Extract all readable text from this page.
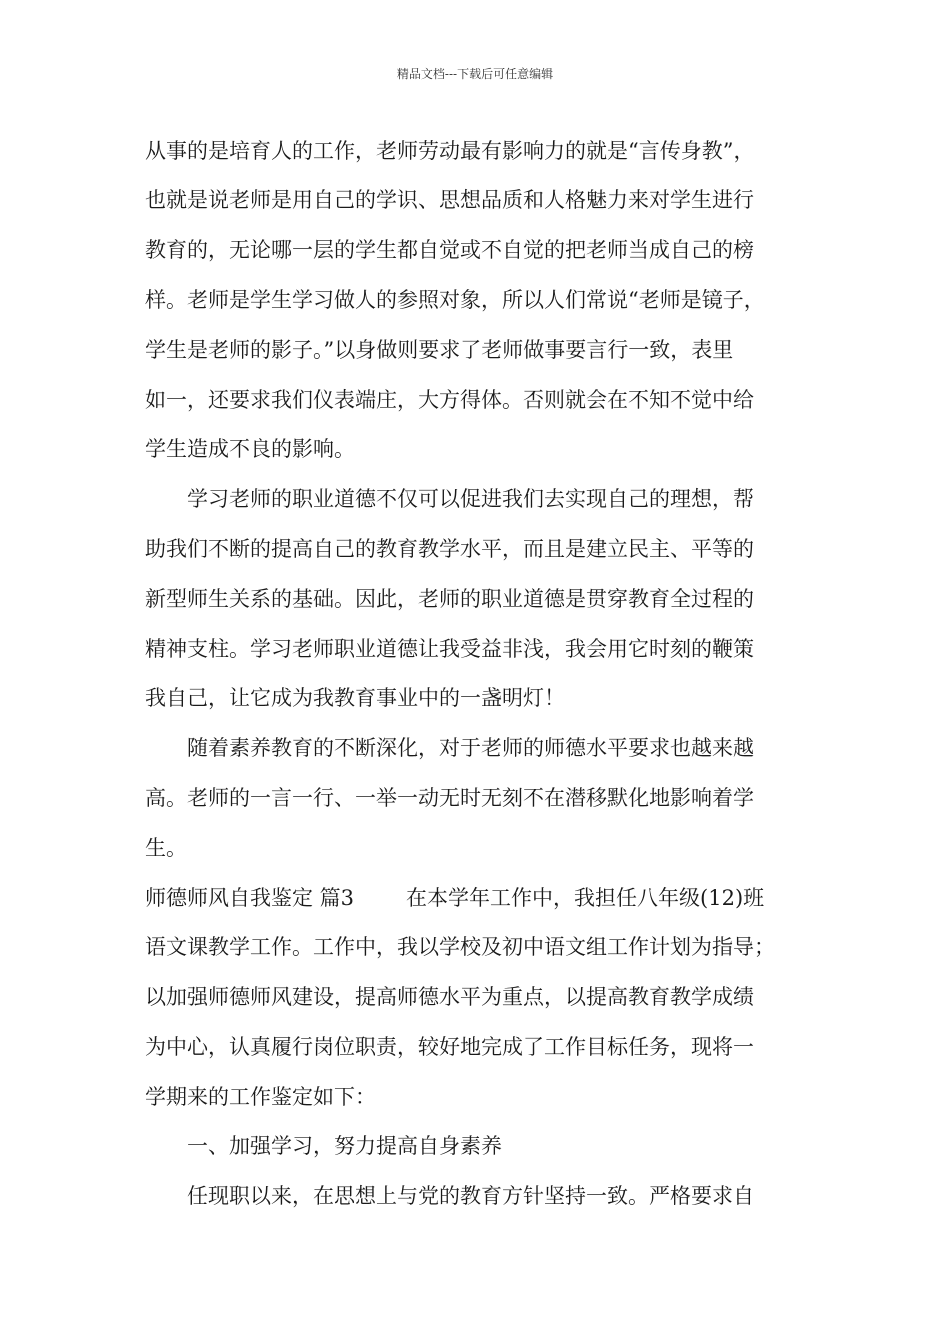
精品文档---下载后可任意编辑
从事的是培育人的工作，老师劳动最有影响力的就是“言传身教”，
也就是说老师是用自己的学识、思想品质和人格魅力来对学生进行
教育的，无论哪一层的学生都自觉或不自觉的把老师当成自己的榜
样。老师是学生学习做人的参照对象，所以人们常说“老师是镜子，
学生是老师的影子。”以身做则要求了老师做事要言行一致，表里
如一，还要求我们仪表端庄，大方得体。否则就会在不知不觉中给
学生造成不良的影响。
学习老师的职业道德不仅可以促进我们去实现自己的理想，帮
助我们不断的提高自己的教育教学水平，而且是建立民主、平等的
新型师生关系的基础。因此，老师的职业道德是贯穿教育全过程的
精神支柱。学习老师职业道德让我受益非浅，我会用它时刻的鞭策
我自己，让它成为我教育事业中的一盏明灯！
随着素养教育的不断深化，对于老师的师德水平要求也越来越
高。老师的一言一行、一举一动无时无刻不在潜移默化地影响着学
生。
师德师风自我鉴定 篇3 在本学年工作中，我担任八年级(12)班
语文课教学工作。工作中，我以学校及初中语文组工作计划为指导；
以加强师德师风建设，提高师德水平为重点，以提高教育教学成绩
为中心，认真履行岗位职责，较好地完成了工作目标任务，现将一
学期来的工作鉴定如下：
一、加强学习，努力提高自身素养
任现职以来，在思想上与党的教育方针坚持一致。严格要求自
